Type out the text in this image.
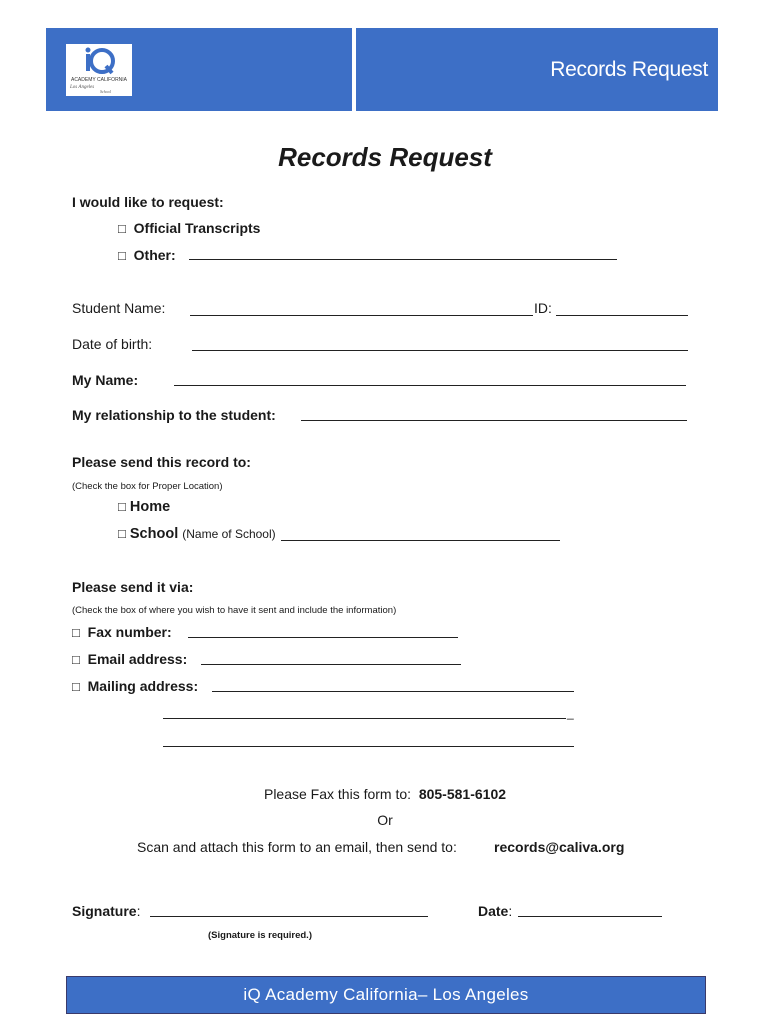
ACADEMY CALIFORNIA
Los Angeles
School
Records Request
Records Request
I would like to request:
□ Official Transcripts
□ Other:
Student Name:	ID:
Date of birth:
My Name:
My relationship to the student:
Please send this record to:
(Check the box for Proper Location)
□ Home
□ School (Name of School)
Please send it via:
(Check the box of where you wish to have it sent and include the information)
□ Fax number:
□ Email address:
□ Mailing address:
_
Please Fax this form to: 805-581-6102
Or
Scan and attach this form to an email, then send to:	records@caliva.org
Signature:	Date:
(Signature is required.)
iQ Academy California– Los Angeles
